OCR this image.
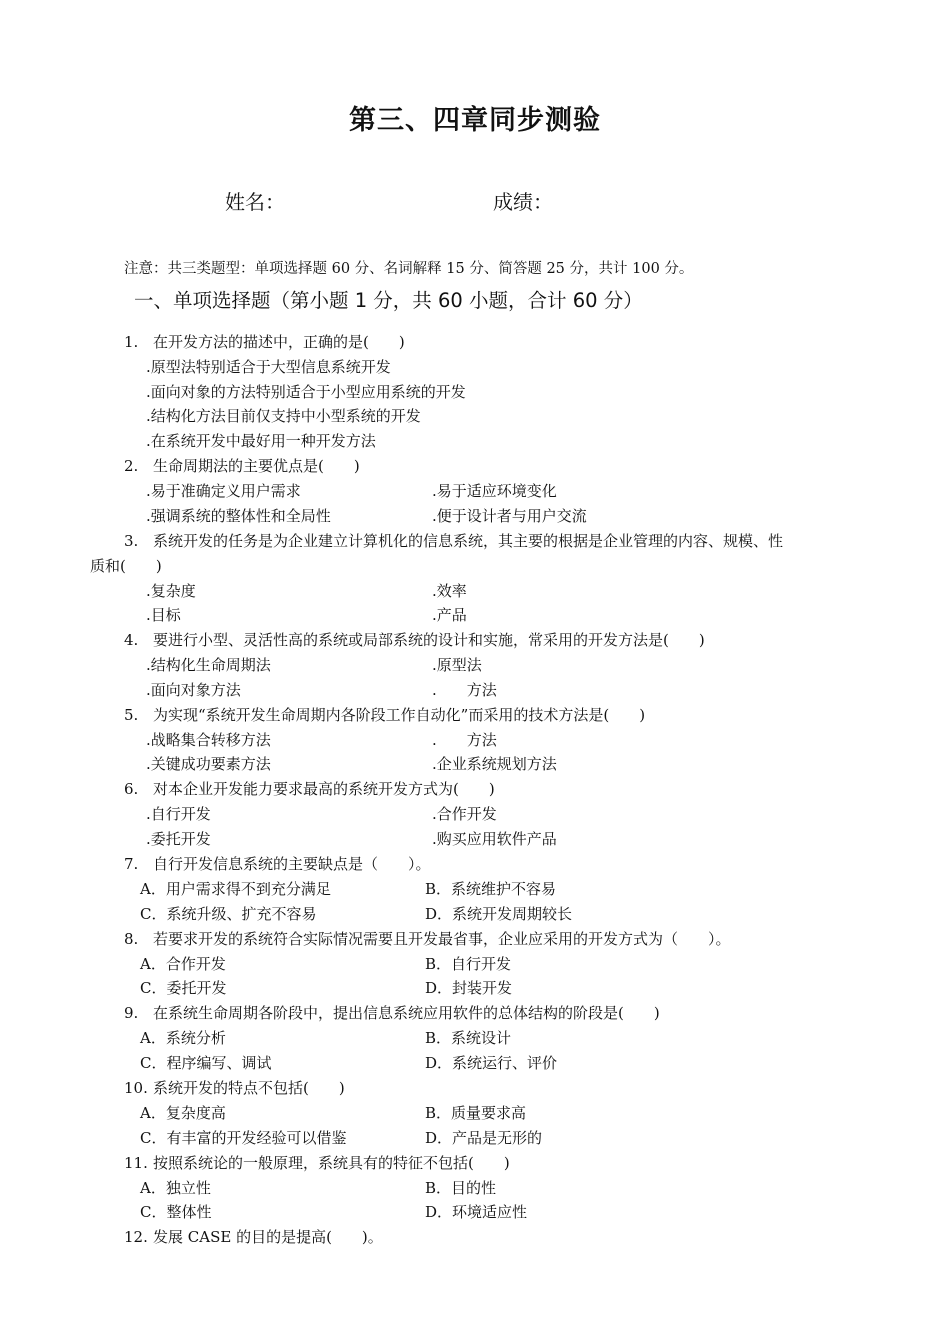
第三、四章同步测验
姓名：	成绩：
注意：共三类题型：单项选择题 60 分、名词解释 15 分、简答题 25 分，共计 100 分。
一、单项选择题（第小题 1 分，共 60 小题，合计 60 分）
1. 在开发方法的描述中，正确的是(　　)
.原型法特别适合于大型信息系统开发
.面向对象的方法特别适合于小型应用系统的开发
.结构化方法目前仅支持中小型系统的开发
.在系统开发中最好用一种开发方法
2. 生命周期法的主要优点是(　　)
.易于准确定义用户需求	.易于适应环境变化
.强调系统的整体性和全局性	.便于设计者与用户交流
3. 系统开发的任务是为企业建立计算机化的信息系统，其主要的根据是企业管理的内容、规模、性
质和(　　)
.复杂度	.效率
.目标	.产品
4. 要进行小型、灵活性高的系统或局部系统的设计和实施，常采用的开发方法是(　　)
.结构化生命周期法	.原型法
.面向对象方法	.　　方法
5. 为实现“系统开发生命周期内各阶段工作自动化”而采用的技术方法是(　　)
.战略集合转移方法	.　　方法
.关键成功要素方法	.企业系统规划方法
6. 对本企业开发能力要求最高的系统开发方式为(　　)
.自行开发	.合作开发
.委托开发	.购买应用软件产品
7. 自行开发信息系统的主要缺点是（　　）。
A．用户需求得不到充分满足	B．系统维护不容易
C．系统升级、扩充不容易	D．系统开发周期较长
8. 若要求开发的系统符合实际情况需要且开发最省事，企业应采用的开发方式为（　　）。
A．合作开发	B．自行开发
C．委托开发	D．封装开发
9. 在系统生命周期各阶段中，提出信息系统应用软件的总体结构的阶段是(　　)
A．系统分析	B．系统设计
C．程序编写、调试	D．系统运行、评价
10. 系统开发的特点不包括(　　)
A．复杂度高	B．质量要求高
C．有丰富的开发经验可以借鉴	D．产品是无形的
11. 按照系统论的一般原理，系统具有的特征不包括(　　)
A．独立性	B．目的性
C．整体性	D．环境适应性
12. 发展 CASE 的目的是提高(　　)。
